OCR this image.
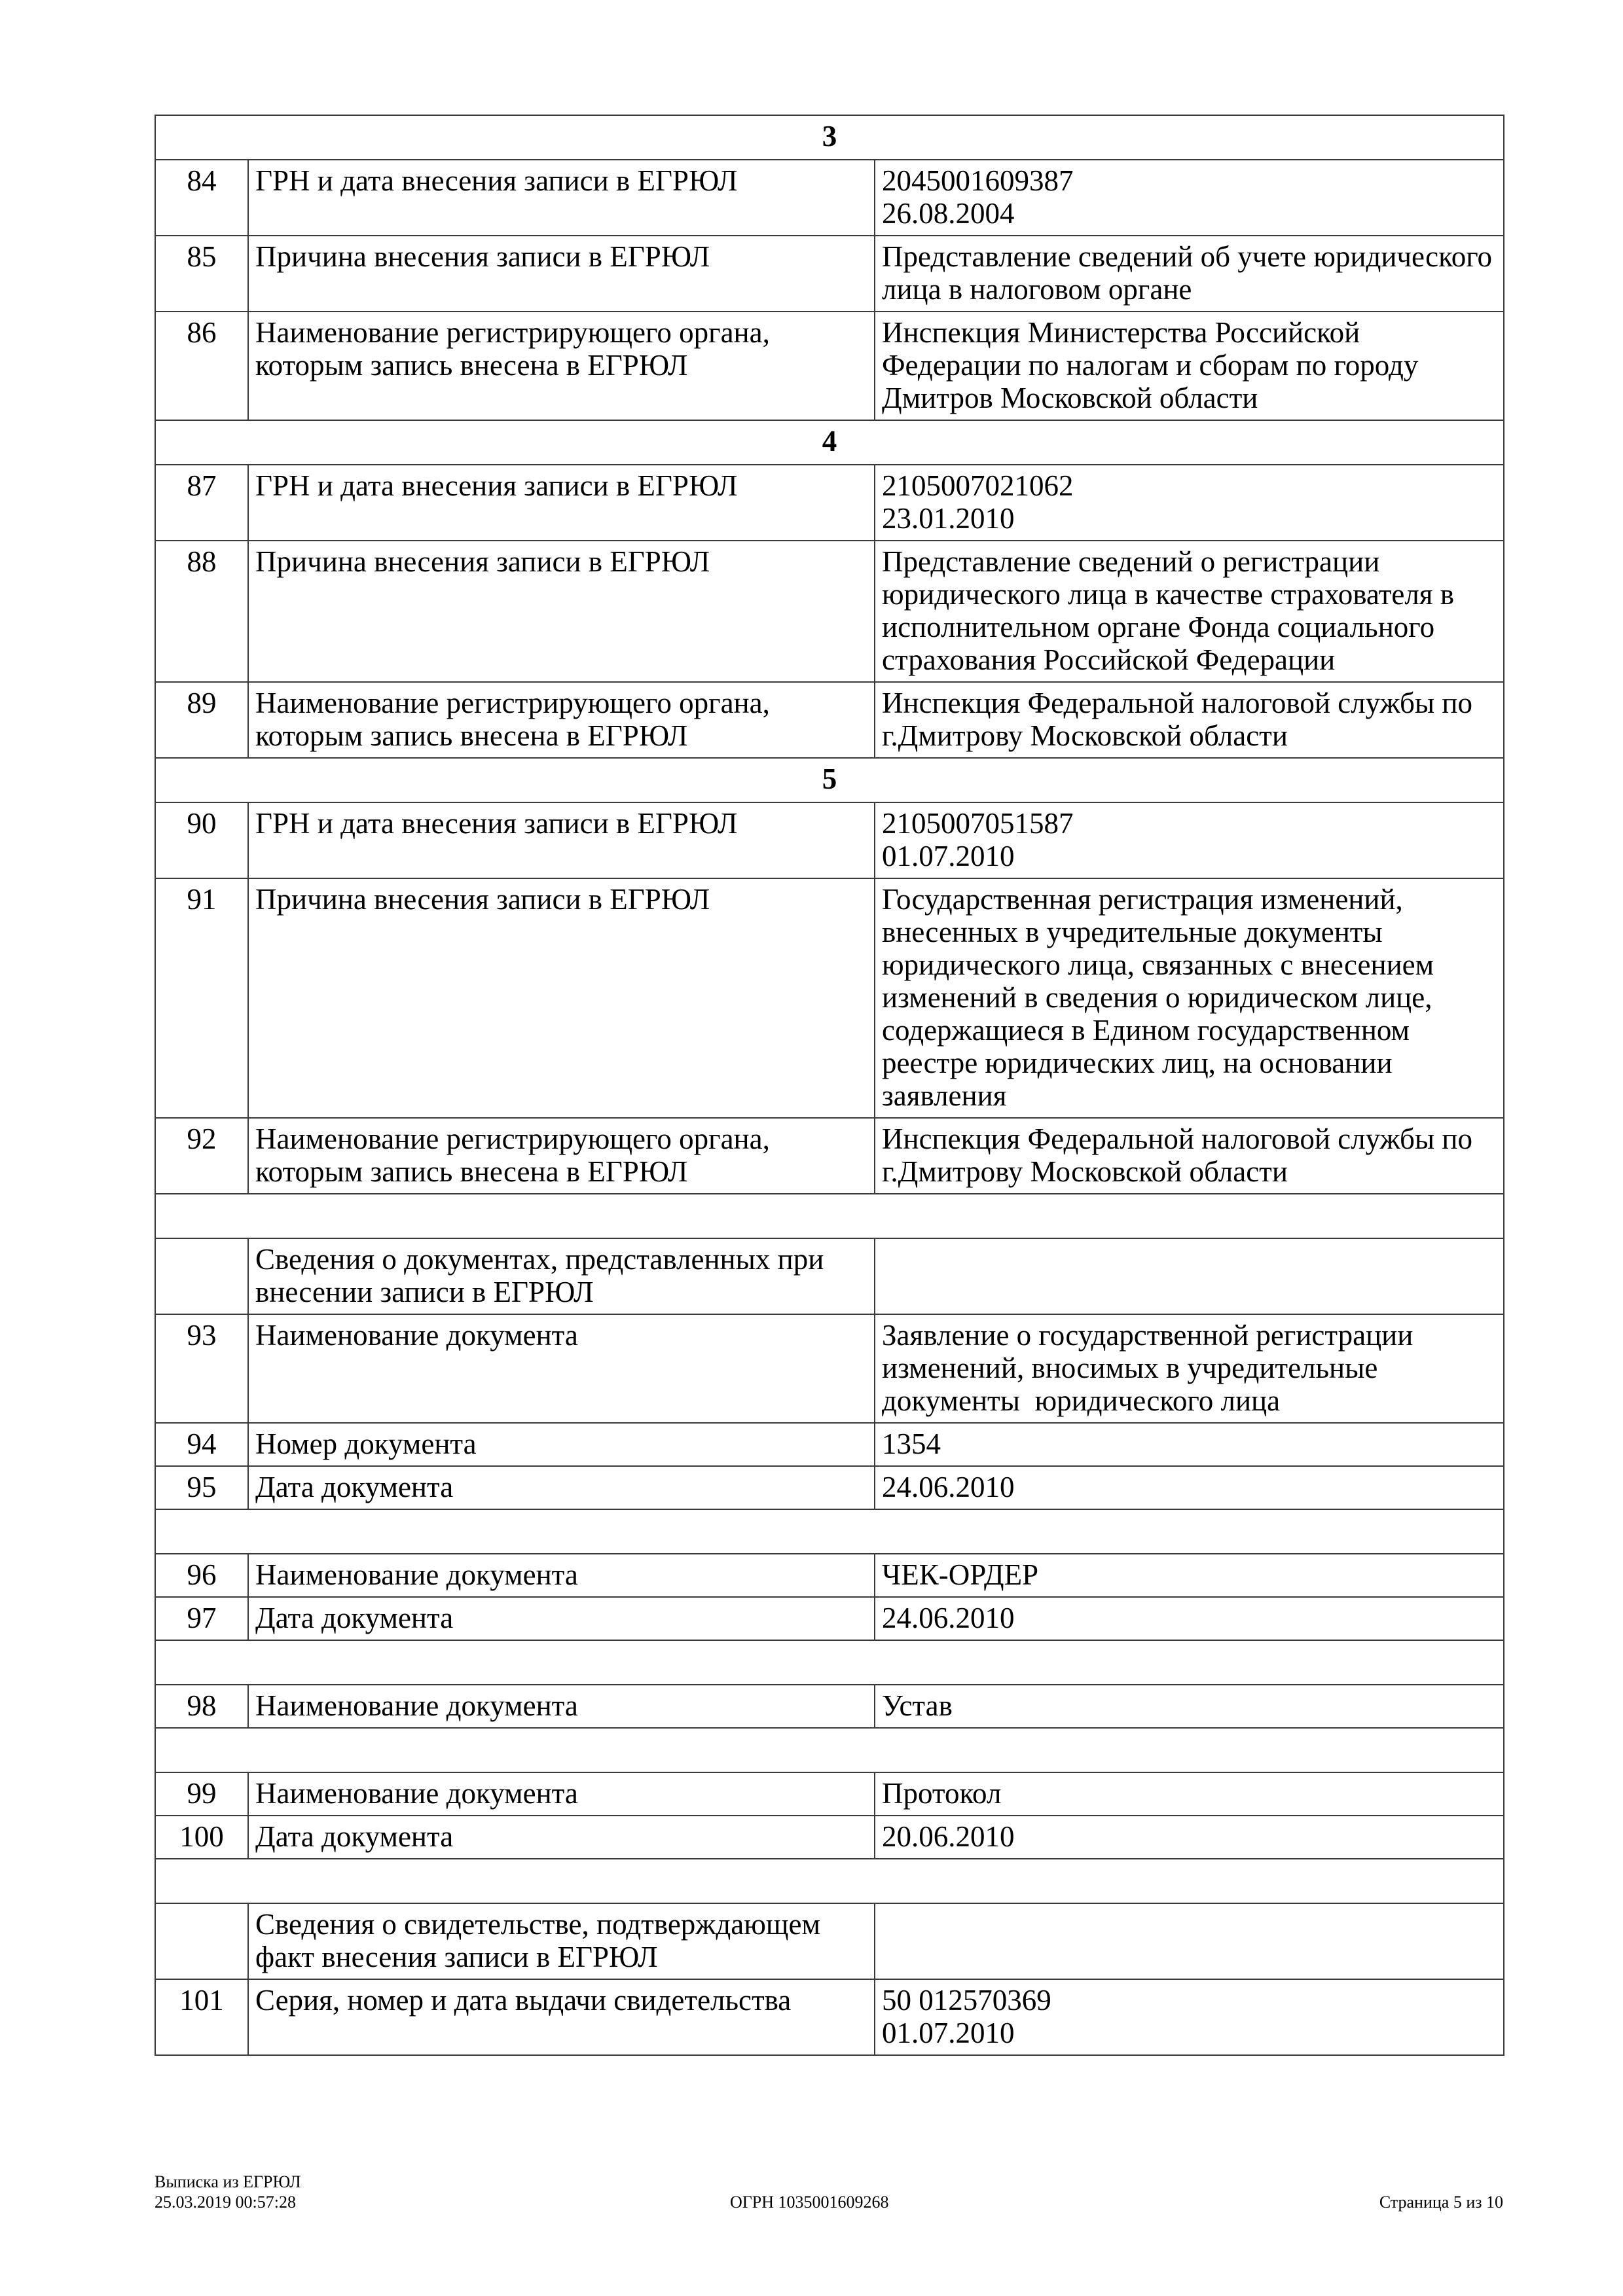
3		
84	ГРН и дата внесения записи в ЕГРЮЛ	2045001609387
26.08.2004

85	Причина внесения записи в ЕГРЮЛ	Представление сведений об учете юридического лица в налоговом органе

86	Наименование регистрирующего органа, которым запись внесена в ЕГРЮЛ	Инспекция Министерства Российской Федерации по налогам и сборам по городу Дмитров Московской области

4		
87	ГРН и дата внесения записи в ЕГРЮЛ	2105007021062
23.01.2010

88	Причина внесения записи в ЕГРЮЛ	Представление сведений о регистрации юридического лица в качестве страхователя в исполнительном органе Фонда социального страхования Российской Федерации

89	Наименование регистрирующего органа, которым запись внесена в ЕГРЮЛ	Инспекция Федеральной налоговой службы по г.Дмитрову Московской области

5		
90	ГРН и дата внесения записи в ЕГРЮЛ	2105007051587
01.07.2010

91	Причина внесения записи в ЕГРЮЛ	Государственная регистрация изменений, внесенных в учредительные документы юридического лица, связанных с внесением изменений в сведения о юридическом лице, содержащиеся в Едином государственном реестре юридических лиц, на основании заявления

92	Наименование регистрирующего органа, которым запись внесена в ЕГРЮЛ	Инспекция Федеральной налоговой службы по г.Дмитрову Московской области

	Сведения о документах, представленных при внесении записи в ЕГРЮЛ	
93	Наименование документа	Заявление о государственной регистрации изменений, вносимых в учредительные документы  юридического лица

94	Номер документа	1354

95	Дата документа	24.06.2010

96	Наименование документа	ЧЕК-ОРДЕР

97	Дата документа	24.06.2010

98	Наименование документа	Устав

99	Наименование документа	Протокол

100	Дата документа	20.06.2010

	Сведения о свидетельстве, подтверждающем факт внесения записи в ЕГРЮЛ	
101	Серия, номер и дата выдачи свидетельства	50 012570369
01.07.2010
Выписка из ЕГРЮЛ
25.03.2019 00:57:28	ОГРН 1035001609268	Страница 5 из 10
